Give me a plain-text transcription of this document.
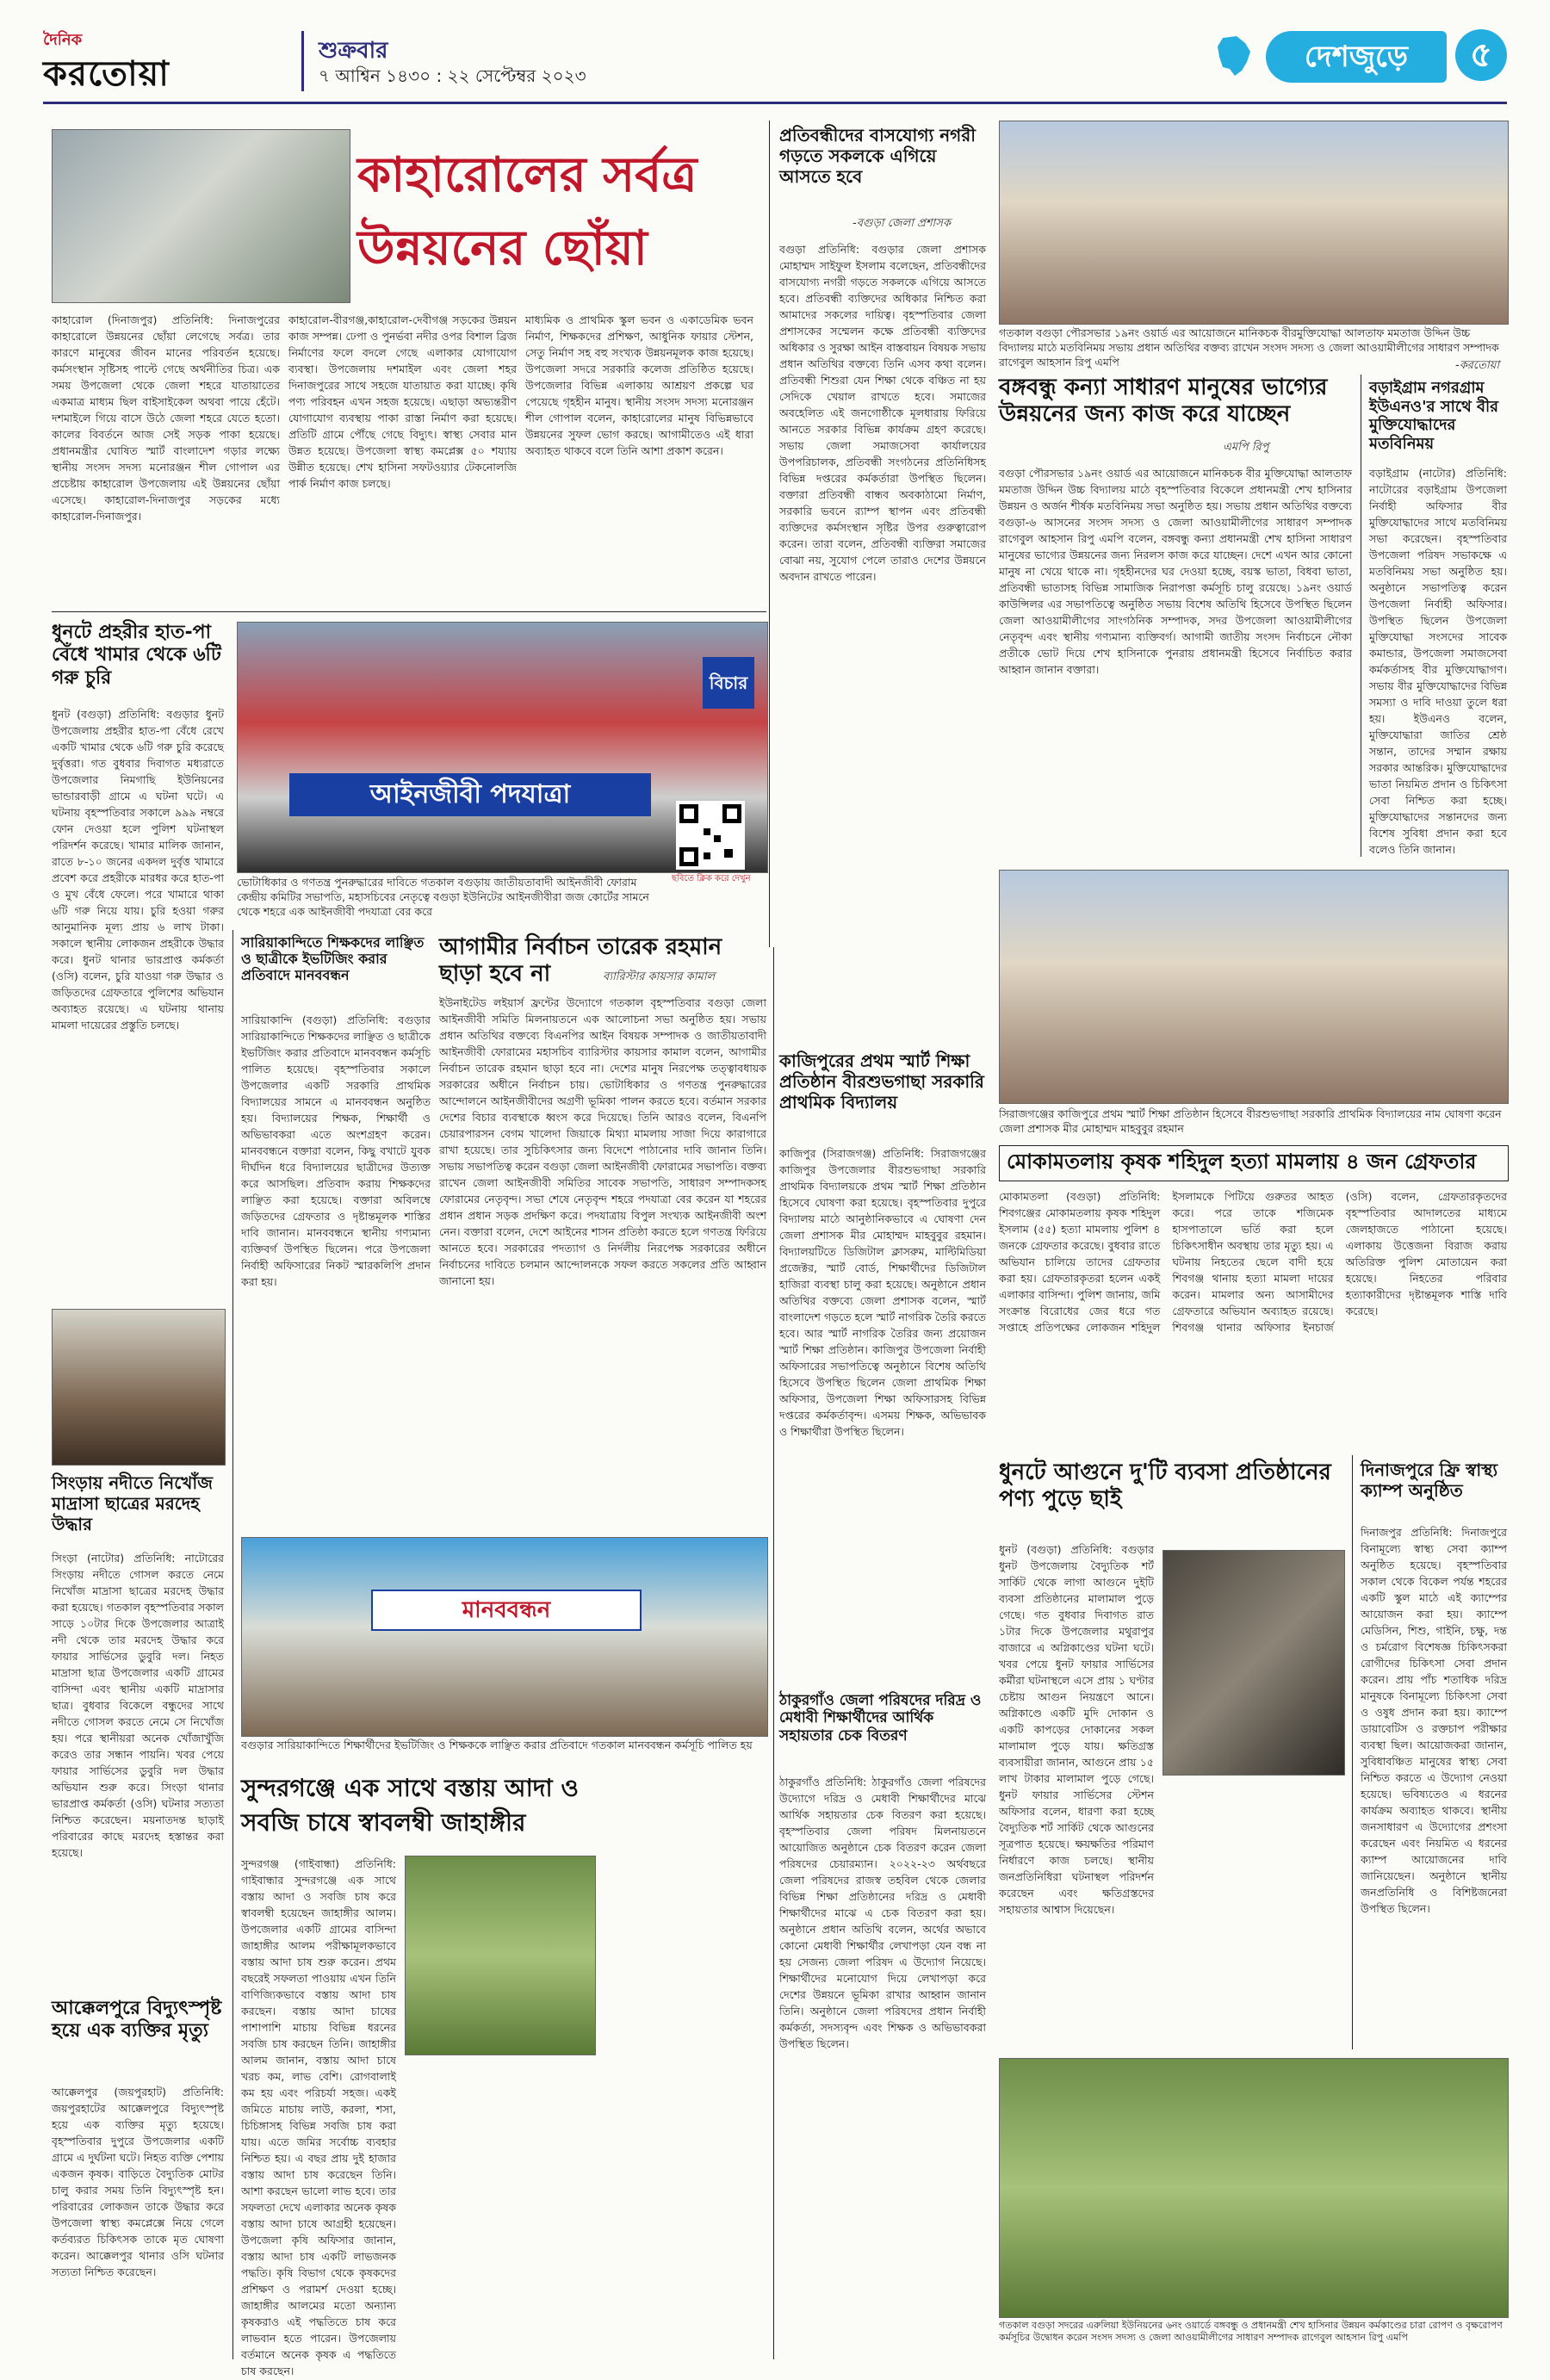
দৈনিক
করতোয়া
শুক্রবার
৭ আশ্বিন ১৪৩০ : ২২ সেপ্টেম্বর ২০২৩
দেশজুড়ে	৫
কাহারোলের সর্বত্র
উন্নয়নের ছোঁয়া
কাহারোল (দিনাজপুর) প্রতিনিধি: দিনাজপুরের কাহারোলে উন্নয়নের ছোঁয়া লেগেছে সর্বত্র। তার কারণে মানুষের জীবন মানের পরিবর্তন হয়েছে। কর্মসংস্থান সৃষ্টিসহ পাল্টে গেছে অর্থনীতির চিত্র। এক সময় উপজেলা থেকে জেলা শহরে যাতায়াতের একমাত্র মাধ্যম ছিল বাইসাইকেল অথবা পায়ে হেঁটে। দশমাইলে গিয়ে বাসে উঠে জেলা শহরে যেতে হতো। কালের বিবর্তনে আজ সেই সড়ক পাকা হয়েছে। প্রধানমন্ত্রীর ঘোষিত স্মার্ট বাংলাদেশ গড়ার লক্ষ্যে স্থানীয় সংসদ সদস্য মনোরঞ্জন শীল গোপাল এর প্রচেষ্টায় কাহারোল উপজেলায় এই উন্নয়নের ছোঁয়া এসেছে। কাহারোল-দিনাজপুর সড়কের মধ্যে কাহারোল-দিনাজপুর।
কাহারোল-বীরগঞ্জ,কাহারোল-দেবীগঞ্জ সড়কের উন্নয়ন কাজ সম্পন্ন। ঢেপা ও পুনর্ভবা নদীর ওপর বিশাল ব্রিজ নির্মাণের ফলে বদলে গেছে এলাকার যোগাযোগ ব্যবস্থা। উপজেলায় দশমাইল এবং জেলা শহর দিনাজপুরের সাথে সহজে যাতায়াত করা যাচ্ছে। কৃষি পণ্য পরিবহন এখন সহজ হয়েছে। এছাড়া অভ্যন্তরীণ যোগাযোগ ব্যবস্থায় পাকা রাস্তা নির্মাণ করা হয়েছে। প্রতিটি গ্রামে পৌঁছে গেছে বিদ্যুৎ। স্বাস্থ্য সেবার মান উন্নত হয়েছে। উপজেলা স্বাস্থ্য কমপ্লেক্স ৫০ শয্যায় উন্নীত হয়েছে। শেখ হাসিনা সফটওয়্যার টেকনোলজি পার্ক নির্মাণ কাজ চলছে।
মাধ্যমিক ও প্রাথমিক স্কুল ভবন ও একাডেমিক ভবন নির্মাণ, শিক্ষকদের প্রশিক্ষণ, আধুনিক ফায়ার স্টেশন, সেতু নির্মাণ সহ বহু সংখ্যক উন্নয়নমূলক কাজ হয়েছে। উপজেলা সদরে সরকারি কলেজ প্রতিষ্ঠিত হয়েছে। উপজেলার বিভিন্ন এলাকায় আশ্রয়ণ প্রকল্পে ঘর পেয়েছে গৃহহীন মানুষ। স্থানীয় সংসদ সদস্য মনোরঞ্জন শীল গোপাল বলেন, কাহারোলের মানুষ বিভিন্নভাবে উন্নয়নের সুফল ভোগ করছে। আগামীতেও এই ধারা অব্যাহত থাকবে বলে তিনি আশা প্রকাশ করেন।
প্রতিবন্ধীদের বাসযোগ্য নগরী গড়তে সকলকে এগিয়ে আসতে হবে
-বগুড়া জেলা প্রশাসক
বগুড়া প্রতিনিধি: বগুড়ার জেলা প্রশাসক মোহাম্মদ সাইফুল ইসলাম বলেছেন, প্রতিবন্ধীদের বাসযোগ্য নগরী গড়তে সকলকে এগিয়ে আসতে হবে। প্রতিবন্ধী ব্যক্তিদের অধিকার নিশ্চিত করা আমাদের সকলের দায়িত্ব। বৃহস্পতিবার জেলা প্রশাসকের সম্মেলন কক্ষে প্রতিবন্ধী ব্যক্তিদের অধিকার ও সুরক্ষা আইন বাস্তবায়ন বিষয়ক সভায় প্রধান অতিথির বক্তব্যে তিনি এসব কথা বলেন। প্রতিবন্ধী শিশুরা যেন শিক্ষা থেকে বঞ্চিত না হয় সেদিকে খেয়াল রাখতে হবে। সমাজের অবহেলিত এই জনগোষ্ঠীকে মূলধারায় ফিরিয়ে আনতে সরকার বিভিন্ন কার্যক্রম গ্রহণ করেছে। সভায় জেলা সমাজসেবা কার্যালয়ের উপপরিচালক, প্রতিবন্ধী সংগঠনের প্রতিনিধিসহ বিভিন্ন দপ্তরের কর্মকর্তারা উপস্থিত ছিলেন। বক্তারা প্রতিবন্ধী বান্ধব অবকাঠামো নির্মাণ, সরকারি ভবনে র‍্যাম্প স্থাপন এবং প্রতিবন্ধী ব্যক্তিদের কর্মসংস্থান সৃষ্টির উপর গুরুত্বারোপ করেন। তারা বলেন, প্রতিবন্ধী ব্যক্তিরা সমাজের বোঝা নয়, সুযোগ পেলে তারাও দেশের উন্নয়নে অবদান রাখতে পারেন।
গতকাল বগুড়া পৌরসভার ১৯নং ওয়ার্ড এর আয়োজনে মানিকচক বীরমুক্তিযোদ্ধা আলতাফ মমতাজ উদ্দিন উচ্চ বিদ্যালয় মাঠে মতবিনিময় সভায় প্রধান অতিথির বক্তব্য রাখেন সংসদ সদস্য ও জেলা আওয়ামীলীগের সাধারণ সম্পাদক রাগেবুল আহসান রিপু এমপি	-করতোয়া
বঙ্গবন্ধু কন্যা সাধারণ মানুষের ভাগ্যের উন্নয়নের জন্য কাজ করে যাচ্ছেন
এমপি রিপু
বগুড়া পৌরসভার ১৯নং ওয়ার্ড এর আয়োজনে মানিকচক বীর মুক্তিযোদ্ধা আলতাফ মমতাজ উদ্দিন উচ্চ বিদ্যালয় মাঠে বৃহস্পতিবার বিকেলে প্রধানমন্ত্রী শেখ হাসিনার উন্নয়ন ও অর্জন শীর্ষক মতবিনিময় সভা অনুষ্ঠিত হয়। সভায় প্রধান অতিথির বক্তব্যে বগুড়া-৬ আসনের সংসদ সদস্য ও জেলা আওয়ামীলীগের সাধারণ সম্পাদক রাগেবুল আহসান রিপু এমপি বলেন, বঙ্গবন্ধু কন্যা প্রধানমন্ত্রী শেখ হাসিনা সাধারণ মানুষের ভাগ্যের উন্নয়নের জন্য নিরলস কাজ করে যাচ্ছেন। দেশে এখন আর কোনো মানুষ না খেয়ে থাকে না। গৃহহীনদের ঘর দেওয়া হচ্ছে, বয়স্ক ভাতা, বিধবা ভাতা, প্রতিবন্ধী ভাতাসহ বিভিন্ন সামাজিক নিরাপত্তা কর্মসূচি চালু রয়েছে। ১৯নং ওয়ার্ড কাউন্সিলর এর সভাপতিত্বে অনুষ্ঠিত সভায় বিশেষ অতিথি হিসেবে উপস্থিত ছিলেন জেলা আওয়ামীলীগের সাংগঠনিক সম্পাদক, সদর উপজেলা আওয়ামীলীগের নেতৃবৃন্দ এবং স্থানীয় গণ্যমান্য ব্যক্তিবর্গ। আগামী জাতীয় সংসদ নির্বাচনে নৌকা প্রতীকে ভোট দিয়ে শেখ হাসিনাকে পুনরায় প্রধানমন্ত্রী হিসেবে নির্বাচিত করার আহ্বান জানান বক্তারা।
বড়াইগ্রাম নগরগ্রাম ইউএনও'র সাথে বীর মুক্তিযোদ্ধাদের মতবিনিময়
বড়াইগ্রাম (নাটোর) প্রতিনিধি: নাটোরের বড়াইগ্রাম উপজেলা নির্বাহী অফিসার বীর মুক্তিযোদ্ধাদের সাথে মতবিনিময় সভা করেছেন। বৃহস্পতিবার উপজেলা পরিষদ সভাকক্ষে এ মতবিনিময় সভা অনুষ্ঠিত হয়। অনুষ্ঠানে সভাপতিত্ব করেন উপজেলা নির্বাহী অফিসার। উপস্থিত ছিলেন উপজেলা মুক্তিযোদ্ধা সংসদের সাবেক কমান্ডার, উপজেলা সমাজসেবা কর্মকর্তাসহ বীর মুক্তিযোদ্ধাগণ। সভায় বীর মুক্তিযোদ্ধাদের বিভিন্ন সমস্যা ও দাবি দাওয়া তুলে ধরা হয়। ইউএনও বলেন, মুক্তিযোদ্ধারা জাতির শ্রেষ্ঠ সন্তান, তাদের সম্মান রক্ষায় সরকার আন্তরিক। মুক্তিযোদ্ধাদের ভাতা নিয়মিত প্রদান ও চিকিৎসা সেবা নিশ্চিত করা হচ্ছে। মুক্তিযোদ্ধাদের সন্তানদের জন্য বিশেষ সুবিধা প্রদান করা হবে বলেও তিনি জানান।
ধুনটে প্রহরীর হাত-পা বেঁধে খামার থেকে ৬টি গরু চুরি
ধুনট (বগুড়া) প্রতিনিধি: বগুড়ার ধুনট উপজেলায় প্রহরীর হাত-পা বেঁধে রেখে একটি খামার থেকে ৬টি গরু চুরি করেছে দুর্বৃত্তরা। গত বুধবার দিবাগত মধ্যরাতে উপজেলার নিমগাছি ইউনিয়নের ভান্ডারবাড়ী গ্রামে এ ঘটনা ঘটে। এ ঘটনায় বৃহস্পতিবার সকালে ৯৯৯ নম্বরে ফোন দেওয়া হলে পুলিশ ঘটনাস্থল পরিদর্শন করেছে। খামার মালিক জানান, রাতে ৮-১০ জনের একদল দুর্বৃত্ত খামারে প্রবেশ করে প্রহরীকে মারধর করে হাত-পা ও মুখ বেঁধে ফেলে। পরে খামারে থাকা ৬টি গরু নিয়ে যায়। চুরি হওয়া গরুর আনুমানিক মূল্য প্রায় ৬ লাখ টাকা। সকালে স্থানীয় লোকজন প্রহরীকে উদ্ধার করে। ধুনট থানার ভারপ্রাপ্ত কর্মকর্তা (ওসি) বলেন, চুরি যাওয়া গরু উদ্ধার ও জড়িতদের গ্রেফতারে পুলিশের অভিযান অব্যাহত রয়েছে। এ ঘটনায় থানায় মামলা দায়েরের প্রস্তুতি চলছে।
আইনজীবী পদযাত্রা
বিচার
ভোটাধিকার ও গণতন্ত্র পুনরুদ্ধারের দাবিতে গতকাল বগুড়ায় জাতীয়তাবাদী আইনজীবী ফোরাম কেন্দ্রীয় কমিটির সভাপতি, মহাসচিবের নেতৃত্বে বগুড়া ইউনিটের আইনজীবীরা জজ কোর্টের সামনে থেকে শহরে এক আইনজীবী পদযাত্রা বের করে
ছবিতে ক্লিক করে দেখুন
সিংড়ায় নদীতে নিখোঁজ মাদ্রাসা ছাত্রের মরদেহ উদ্ধার
সিংড়া (নাটোর) প্রতিনিধি: নাটোরের সিংড়ায় নদীতে গোসল করতে নেমে নিখোঁজ মাদ্রাসা ছাত্রের মরদেহ উদ্ধার করা হয়েছে। গতকাল বৃহস্পতিবার সকাল সাড়ে ১০টার দিকে উপজেলার আত্রাই নদী থেকে তার মরদেহ উদ্ধার করে ফায়ার সার্ভিসের ডুবুরি দল। নিহত মাদ্রাসা ছাত্র উপজেলার একটি গ্রামের বাসিন্দা এবং স্থানীয় একটি মাদ্রাসার ছাত্র। বুধবার বিকেলে বন্ধুদের সাথে নদীতে গোসল করতে নেমে সে নিখোঁজ হয়। পরে স্থানীয়রা অনেক খোঁজাখুঁজি করেও তার সন্ধান পায়নি। খবর পেয়ে ফায়ার সার্ভিসের ডুবুরি দল উদ্ধার অভিযান শুরু করে। সিংড়া থানার ভারপ্রাপ্ত কর্মকর্তা (ওসি) ঘটনার সত্যতা নিশ্চিত করেছেন। ময়নাতদন্ত ছাড়াই পরিবারের কাছে মরদেহ হস্তান্তর করা হয়েছে।
আক্কেলপুরে বিদ্যুৎস্পৃষ্ট হয়ে এক ব্যক্তির মৃত্যু
আক্কেলপুর (জয়পুরহাট) প্রতিনিধি: জয়পুরহাটের আক্কেলপুরে বিদ্যুৎস্পৃষ্ট হয়ে এক ব্যক্তির মৃত্যু হয়েছে। বৃহস্পতিবার দুপুরে উপজেলার একটি গ্রামে এ দুর্ঘটনা ঘটে। নিহত ব্যক্তি পেশায় একজন কৃষক। বাড়িতে বৈদ্যুতিক মোটর চালু করার সময় তিনি বিদ্যুৎস্পৃষ্ট হন। পরিবারের লোকজন তাকে উদ্ধার করে উপজেলা স্বাস্থ্য কমপ্লেক্সে নিয়ে গেলে কর্তব্যরত চিকিৎসক তাকে মৃত ঘোষণা করেন। আক্কেলপুর থানার ওসি ঘটনার সত্যতা নিশ্চিত করেছেন।
সারিয়াকান্দিতে শিক্ষকদের লাঞ্ছিত ও ছাত্রীকে ইভটিজিং করার প্রতিবাদে মানববন্ধন
সারিয়াকান্দি (বগুড়া) প্রতিনিধি: বগুড়ার সারিয়াকান্দিতে শিক্ষকদের লাঞ্ছিত ও ছাত্রীকে ইভটিজিং করার প্রতিবাদে মানববন্ধন কর্মসূচি পালিত হয়েছে। বৃহস্পতিবার সকালে উপজেলার একটি সরকারি প্রাথমিক বিদ্যালয়ের সামনে এ মানববন্ধন অনুষ্ঠিত হয়। বিদ্যালয়ের শিক্ষক, শিক্ষার্থী ও অভিভাবকরা এতে অংশগ্রহণ করেন। মানববন্ধনে বক্তারা বলেন, কিছু বখাটে যুবক দীর্ঘদিন ধরে বিদ্যালয়ের ছাত্রীদের উত্যক্ত করে আসছিল। প্রতিবাদ করায় শিক্ষকদের লাঞ্ছিত করা হয়েছে। বক্তারা অবিলম্বে জড়িতদের গ্রেফতার ও দৃষ্টান্তমূলক শাস্তির দাবি জানান। মানববন্ধনে স্থানীয় গণ্যমান্য ব্যক্তিবর্গ উপস্থিত ছিলেন। পরে উপজেলা নির্বাহী অফিসারের নিকট স্মারকলিপি প্রদান করা হয়।
আগামীর নির্বাচন তারেক রহমান ছাড়া হবে না	ব্যারিস্টার কায়সার কামাল
ইউনাইটেড লইয়ার্স ফ্রন্টের উদ্যোগে গতকাল বৃহস্পতিবার বগুড়া জেলা আইনজীবী সমিতি মিলনায়তনে এক আলোচনা সভা অনুষ্ঠিত হয়। সভায় প্রধান অতিথির বক্তব্যে বিএনপির আইন বিষয়ক সম্পাদক ও জাতীয়তাবাদী আইনজীবী ফোরামের মহাসচিব ব্যারিস্টার কায়সার কামাল বলেন, আগামীর নির্বাচন তারেক রহমান ছাড়া হবে না। দেশের মানুষ নিরপেক্ষ তত্ত্বাবধায়ক সরকারের অধীনে নির্বাচন চায়। ভোটাধিকার ও গণতন্ত্র পুনরুদ্ধারের আন্দোলনে আইনজীবীদের অগ্রণী ভূমিকা পালন করতে হবে। বর্তমান সরকার দেশের বিচার ব্যবস্থাকে ধ্বংস করে দিয়েছে। তিনি আরও বলেন, বিএনপি চেয়ারপারসন বেগম খালেদা জিয়াকে মিথ্যা মামলায় সাজা দিয়ে কারাগারে রাখা হয়েছে। তার সুচিকিৎসার জন্য বিদেশে পাঠানোর দাবি জানান তিনি। সভায় সভাপতিত্ব করেন বগুড়া জেলা আইনজীবী ফোরামের সভাপতি। বক্তব্য রাখেন জেলা আইনজীবী সমিতির সাবেক সভাপতি, সাধারণ সম্পাদকসহ ফোরামের নেতৃবৃন্দ। সভা শেষে নেতৃবৃন্দ শহরে পদযাত্রা বের করেন যা শহরের প্রধান প্রধান সড়ক প্রদক্ষিণ করে। পদযাত্রায় বিপুল সংখ্যক আইনজীবী অংশ নেন। বক্তারা বলেন, দেশে আইনের শাসন প্রতিষ্ঠা করতে হলে গণতন্ত্র ফিরিয়ে আনতে হবে। সরকারের পদত্যাগ ও নির্দলীয় নিরপেক্ষ সরকারের অধীনে নির্বাচনের দাবিতে চলমান আন্দোলনকে সফল করতে সকলের প্রতি আহ্বান জানানো হয়।
মানববন্ধন
বগুড়ার সারিয়াকান্দিতে শিক্ষার্থীদের ইভটিজিং ও শিক্ষককে লাঞ্ছিত করার প্রতিবাদে গতকাল মানববন্ধন কর্মসূচি পালিত হয়
সুন্দরগঞ্জে এক সাথে বস্তায় আদা ও
সবজি চাষে স্বাবলম্বী জাহাঙ্গীর
সুন্দরগঞ্জ (গাইবান্ধা) প্রতিনিধি: গাইবান্ধার সুন্দরগঞ্জে এক সাথে বস্তায় আদা ও সবজি চাষ করে স্বাবলম্বী হয়েছেন জাহাঙ্গীর আলম। উপজেলার একটি গ্রামের বাসিন্দা জাহাঙ্গীর আলম পরীক্ষামূলকভাবে বস্তায় আদা চাষ শুরু করেন। প্রথম বছরেই সফলতা পাওয়ায় এখন তিনি বাণিজ্যিকভাবে বস্তায় আদা চাষ করছেন। বস্তায় আদা চাষের পাশাপাশি মাচায় বিভিন্ন ধরনের সবজি চাষ করছেন তিনি। জাহাঙ্গীর আলম জানান, বস্তায় আদা চাষে খরচ কম, লাভ বেশি। রোগবালাই কম হয় এবং পরিচর্যা সহজ। একই জমিতে মাচায় লাউ, করলা, শসা, চিচিঙ্গাসহ বিভিন্ন সবজি চাষ করা যায়। এতে জমির সর্বোচ্চ ব্যবহার নিশ্চিত হয়। এ বছর প্রায় দুই হাজার বস্তায় আদা চাষ করেছেন তিনি। আশা করছেন ভালো লাভ হবে। তার সফলতা দেখে এলাকার অনেক কৃষক বস্তায় আদা চাষে আগ্রহী হয়েছেন। উপজেলা কৃষি অফিসার জানান, বস্তায় আদা চাষ একটি লাভজনক পদ্ধতি। কৃষি বিভাগ থেকে কৃষকদের প্রশিক্ষণ ও পরামর্শ দেওয়া হচ্ছে। জাহাঙ্গীর আলমের মতো অন্যান্য কৃষকরাও এই পদ্ধতিতে চাষ করে লাভবান হতে পারেন। উপজেলায় বর্তমানে অনেক কৃষক এ পদ্ধতিতে চাষ করছেন।
কাজিপুরের প্রথম স্মার্ট শিক্ষা প্রতিষ্ঠান বীরশুভগাছা সরকারি প্রাথমিক বিদ্যালয়
কাজিপুর (সিরাজগঞ্জ) প্রতিনিধি: সিরাজগঞ্জের কাজিপুর উপজেলার বীরশুভগাছা সরকারি প্রাথমিক বিদ্যালয়কে প্রথম স্মার্ট শিক্ষা প্রতিষ্ঠান হিসেবে ঘোষণা করা হয়েছে। বৃহস্পতিবার দুপুরে বিদ্যালয় মাঠে আনুষ্ঠানিকভাবে এ ঘোষণা দেন জেলা প্রশাসক মীর মোহাম্মদ মাহবুবুর রহমান। বিদ্যালয়টিতে ডিজিটাল ক্লাসরুম, মাল্টিমিডিয়া প্রজেক্টর, স্মার্ট বোর্ড, শিক্ষার্থীদের ডিজিটাল হাজিরা ব্যবস্থা চালু করা হয়েছে। অনুষ্ঠানে প্রধান অতিথির বক্তব্যে জেলা প্রশাসক বলেন, স্মার্ট বাংলাদেশ গড়তে হলে স্মার্ট নাগরিক তৈরি করতে হবে। আর স্মার্ট নাগরিক তৈরির জন্য প্রয়োজন স্মার্ট শিক্ষা প্রতিষ্ঠান। কাজিপুর উপজেলা নির্বাহী অফিসারের সভাপতিত্বে অনুষ্ঠানে বিশেষ অতিথি হিসেবে উপস্থিত ছিলেন জেলা প্রাথমিক শিক্ষা অফিসার, উপজেলা শিক্ষা অফিসারসহ বিভিন্ন দপ্তরের কর্মকর্তাবৃন্দ। এসময় শিক্ষক, অভিভাবক ও শিক্ষার্থীরা উপস্থিত ছিলেন।
সিরাজগঞ্জের কাজিপুরে প্রথম স্মার্ট শিক্ষা প্রতিষ্ঠান হিসেবে বীরশুভগাছা সরকারি প্রাথমিক বিদ্যালয়ের নাম ঘোষণা করেন জেলা প্রশাসক মীর মোহাম্মদ মাহবুবুর রহমান
মোকামতলায় কৃষক শহিদুল হত্যা মামলায় ৪ জন গ্রেফতার
মোকামতলা (বগুড়া) প্রতিনিধি: শিবগঞ্জের মোকামতলায় কৃষক শহিদুল ইসলাম (৫৫) হত্যা মামলায় পুলিশ ৪ জনকে গ্রেফতার করেছে। বুধবার রাতে অভিযান চালিয়ে তাদের গ্রেফতার করা হয়। গ্রেফতারকৃতরা হলেন একই এলাকার বাসিন্দা। পুলিশ জানায়, জমি সংক্রান্ত বিরোধের জের ধরে গত সপ্তাহে প্রতিপক্ষের লোকজন শহিদুল ইসলামকে পিটিয়ে গুরুতর আহত করে। পরে তাকে শজিমেক হাসপাতালে ভর্তি করা হলে চিকিৎসাধীন অবস্থায় তার মৃত্যু হয়। এ ঘটনায় নিহতের ছেলে বাদী হয়ে শিবগঞ্জ থানায় হত্যা মামলা দায়ের করেন। মামলার অন্য আসামীদের গ্রেফতারে অভিযান অব্যাহত রয়েছে। শিবগঞ্জ থানার অফিসার ইনচার্জ (ওসি) বলেন, গ্রেফতারকৃতদের বৃহস্পতিবার আদালতের মাধ্যমে জেলহাজতে পাঠানো হয়েছে। এলাকায় উত্তেজনা বিরাজ করায় অতিরিক্ত পুলিশ মোতায়েন করা হয়েছে। নিহতের পরিবার হত্যাকারীদের দৃষ্টান্তমূলক শাস্তি দাবি করেছে।
ধুনটে আগুনে দু'টি ব্যবসা প্রতিষ্ঠানের পণ্য পুড়ে ছাই
ধুনট (বগুড়া) প্রতিনিধি: বগুড়ার ধুনট উপজেলায় বৈদ্যুতিক শর্ট সার্কিট থেকে লাগা আগুনে দুইটি ব্যবসা প্রতিষ্ঠানের মালামাল পুড়ে গেছে। গত বুধবার দিবাগত রাত ১টার দিকে উপজেলার মথুরাপুর বাজারে এ অগ্নিকাণ্ডের ঘটনা ঘটে। খবর পেয়ে ধুনট ফায়ার সার্ভিসের কর্মীরা ঘটনাস্থলে এসে প্রায় ১ ঘণ্টার চেষ্টায় আগুন নিয়ন্ত্রণে আনে। অগ্নিকাণ্ডে একটি মুদি দোকান ও একটি কাপড়ের দোকানের সকল মালামাল পুড়ে যায়। ক্ষতিগ্রস্ত ব্যবসায়ীরা জানান, আগুনে প্রায় ১৫ লাখ টাকার মালামাল পুড়ে গেছে। ধুনট ফায়ার সার্ভিসের স্টেশন অফিসার বলেন, ধারণা করা হচ্ছে বৈদ্যুতিক শর্ট সার্কিট থেকে আগুনের সূত্রপাত হয়েছে। ক্ষয়ক্ষতির পরিমাণ নির্ধারণে কাজ চলছে। স্থানীয় জনপ্রতিনিধিরা ঘটনাস্থল পরিদর্শন করেছেন এবং ক্ষতিগ্রস্তদের সহায়তার আশ্বাস দিয়েছেন।
দিনাজপুরে ফ্রি স্বাস্থ্য ক্যাম্প অনুষ্ঠিত
দিনাজপুর প্রতিনিধি: দিনাজপুরে বিনামূল্যে স্বাস্থ্য সেবা ক্যাম্প অনুষ্ঠিত হয়েছে। বৃহস্পতিবার সকাল থেকে বিকেল পর্যন্ত শহরের একটি স্কুল মাঠে এই ক্যাম্পের আয়োজন করা হয়। ক্যাম্পে মেডিসিন, শিশু, গাইনি, চক্ষু, দন্ত ও চর্মরোগ বিশেষজ্ঞ চিকিৎসকরা রোগীদের চিকিৎসা সেবা প্রদান করেন। প্রায় পাঁচ শতাধিক দরিদ্র মানুষকে বিনামূল্যে চিকিৎসা সেবা ও ওষুধ প্রদান করা হয়। ক্যাম্পে ডায়াবেটিস ও রক্তচাপ পরীক্ষার ব্যবস্থা ছিল। আয়োজকরা জানান, সুবিধাবঞ্চিত মানুষের স্বাস্থ্য সেবা নিশ্চিত করতে এ উদ্যোগ নেওয়া হয়েছে। ভবিষ্যতেও এ ধরনের কার্যক্রম অব্যাহত থাকবে। স্থানীয় জনসাধারণ এ উদ্যোগের প্রশংসা করেছেন এবং নিয়মিত এ ধরনের ক্যাম্প আয়োজনের দাবি জানিয়েছেন। অনুষ্ঠানে স্থানীয় জনপ্রতিনিধি ও বিশিষ্টজনেরা উপস্থিত ছিলেন।
ঠাকুরগাঁও জেলা পরিষদের দরিদ্র ও মেধাবী শিক্ষার্থীদের আর্থিক সহায়তার চেক বিতরণ
ঠাকুরগাঁও প্রতিনিধি: ঠাকুরগাঁও জেলা পরিষদের উদ্যোগে দরিদ্র ও মেধাবী শিক্ষার্থীদের মাঝে আর্থিক সহায়তার চেক বিতরণ করা হয়েছে। বৃহস্পতিবার জেলা পরিষদ মিলনায়তনে আয়োজিত অনুষ্ঠানে চেক বিতরণ করেন জেলা পরিষদের চেয়ারম্যান। ২০২২-২৩ অর্থবছরে জেলা পরিষদের রাজস্ব তহবিল থেকে জেলার বিভিন্ন শিক্ষা প্রতিষ্ঠানের দরিদ্র ও মেধাবী শিক্ষার্থীদের মাঝে এ চেক বিতরণ করা হয়। অনুষ্ঠানে প্রধান অতিথি বলেন, অর্থের অভাবে কোনো মেধাবী শিক্ষার্থীর লেখাপড়া যেন বন্ধ না হয় সেজন্য জেলা পরিষদ এ উদ্যোগ নিয়েছে। শিক্ষার্থীদের মনোযোগ দিয়ে লেখাপড়া করে দেশের উন্নয়নে ভূমিকা রাখার আহ্বান জানান তিনি। অনুষ্ঠানে জেলা পরিষদের প্রধান নির্বাহী কর্মকর্তা, সদস্যবৃন্দ এবং শিক্ষক ও অভিভাবকরা উপস্থিত ছিলেন।
গতকাল বগুড়া সদরের এরুলিয়া ইউনিয়নের ৬নং ওয়ার্ডে বঙ্গবন্ধু ও প্রধানমন্ত্রী শেখ হাসিনার উন্নয়ন কর্মকাণ্ডের চারা রোপণ ও বৃক্ষরোপণ কর্মসূচির উদ্বোধন করেন সংসদ সদস্য ও জেলা আওয়ামীলীগের সাধারণ সম্পাদক রাগেবুল আহসান রিপু এমপি
